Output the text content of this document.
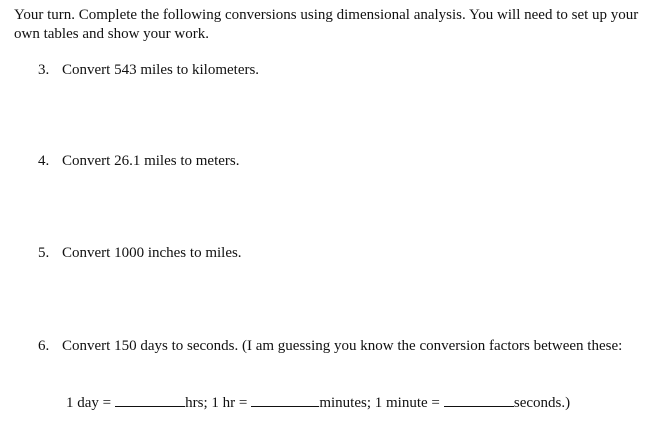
Your turn. Complete the following conversions using dimensional analysis. You will need to set up your own tables and show your work.

3. Convert 543 miles to kilometers.
4. Convert 26.1 miles to meters.
5. Convert 1000 inches to miles.
6. Convert 150 days to seconds. (I am guessing you know the conversion factors between these:
1 day =	hrs; 1 hr =	minutes; 1 minute =	seconds.)
